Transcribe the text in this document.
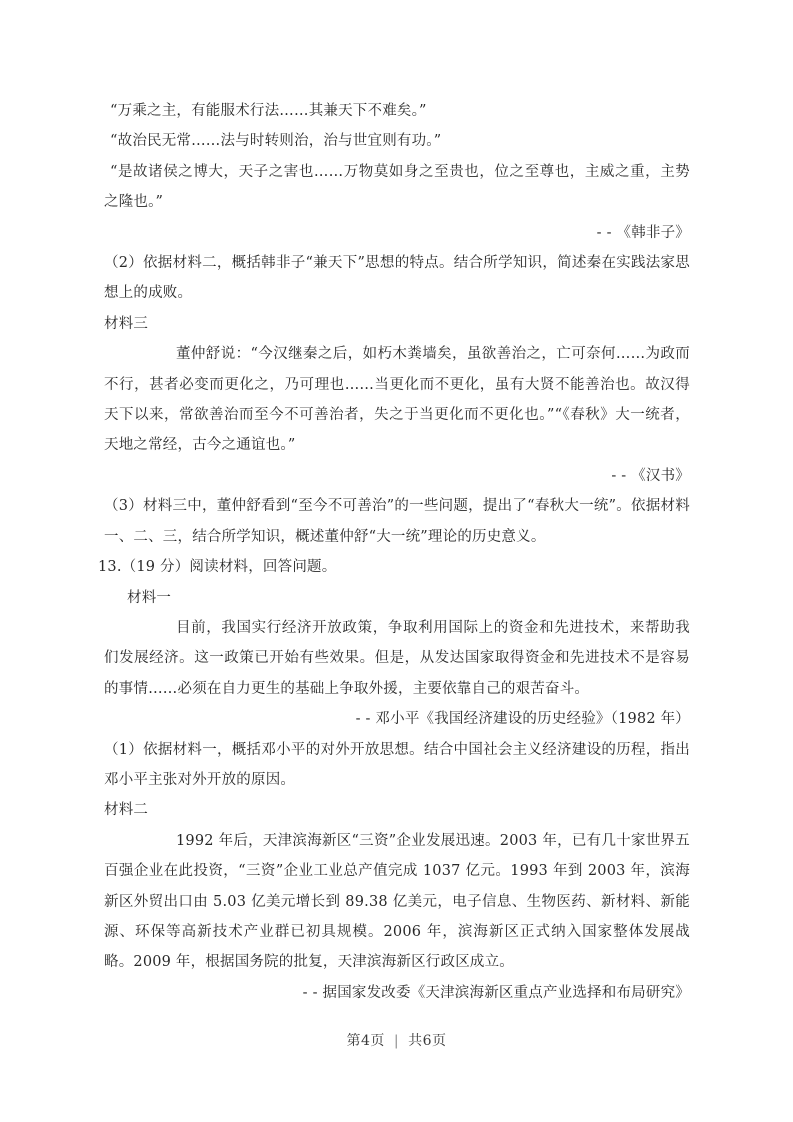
“万乘之主，有能服术行法……其兼天下不难矣。”

“故治民无常……法与时转则治，治与世宜则有功。”

“是故诸侯之博大，天子之害也……万物莫如身之至贵也，位之至尊也，主威之重，主势之隆也。”

- - 《韩非子》

（2）依据材料二，概括韩非子“兼天下”思想的特点。结合所学知识，简述秦在实践法家思想上的成败。

材料三

董仲舒说：“今汉继秦之后，如朽木粪墙矣，虽欲善治之，亡可奈何……为政而不行，甚者必变而更化之，乃可理也……当更化而不更化，虽有大贤不能善治也。故汉得天下以来，常欲善治而至今不可善治者，失之于当更化而不更化也。”“《春秋》大一统者，天地之常经，古今之通谊也。”

- - 《汉书》

（3）材料三中，董仲舒看到“至今不可善治”的一些问题，提出了“春秋大一统”。依据材料一、二、三，结合所学知识，概述董仲舒“大一统”理论的历史意义。

13.（19 分）阅读材料，回答问题。

材料一

目前，我国实行经济开放政策，争取利用国际上的资金和先进技术，来帮助我们发展经济。这一政策已开始有些效果。但是，从发达国家取得资金和先进技术不是容易的事情……必须在自力更生的基础上争取外援，主要依靠自己的艰苦奋斗。

- - 邓小平《我国经济建设的历史经验》（1982 年）

（1）依据材料一，概括邓小平的对外开放思想。结合中国社会主义经济建设的历程，指出邓小平主张对外开放的原因。

材料二

1992 年后，天津滨海新区“三资”企业发展迅速。2003 年，已有几十家世界五百强企业在此投资，“三资”企业工业总产值完成 1037 亿元。1993 年到 2003 年，滨海新区外贸出口由 5.03 亿美元增长到 89.38 亿美元，电子信息、生物医药、新材料、新能源、环保等高新技术产业群已初具规模。2006 年，滨海新区正式纳入国家整体发展战略。2009 年，根据国务院的批复，天津滨海新区行政区成立。

- - 据国家发改委《天津滨海新区重点产业选择和布局研究》

第4页 | 共6页
